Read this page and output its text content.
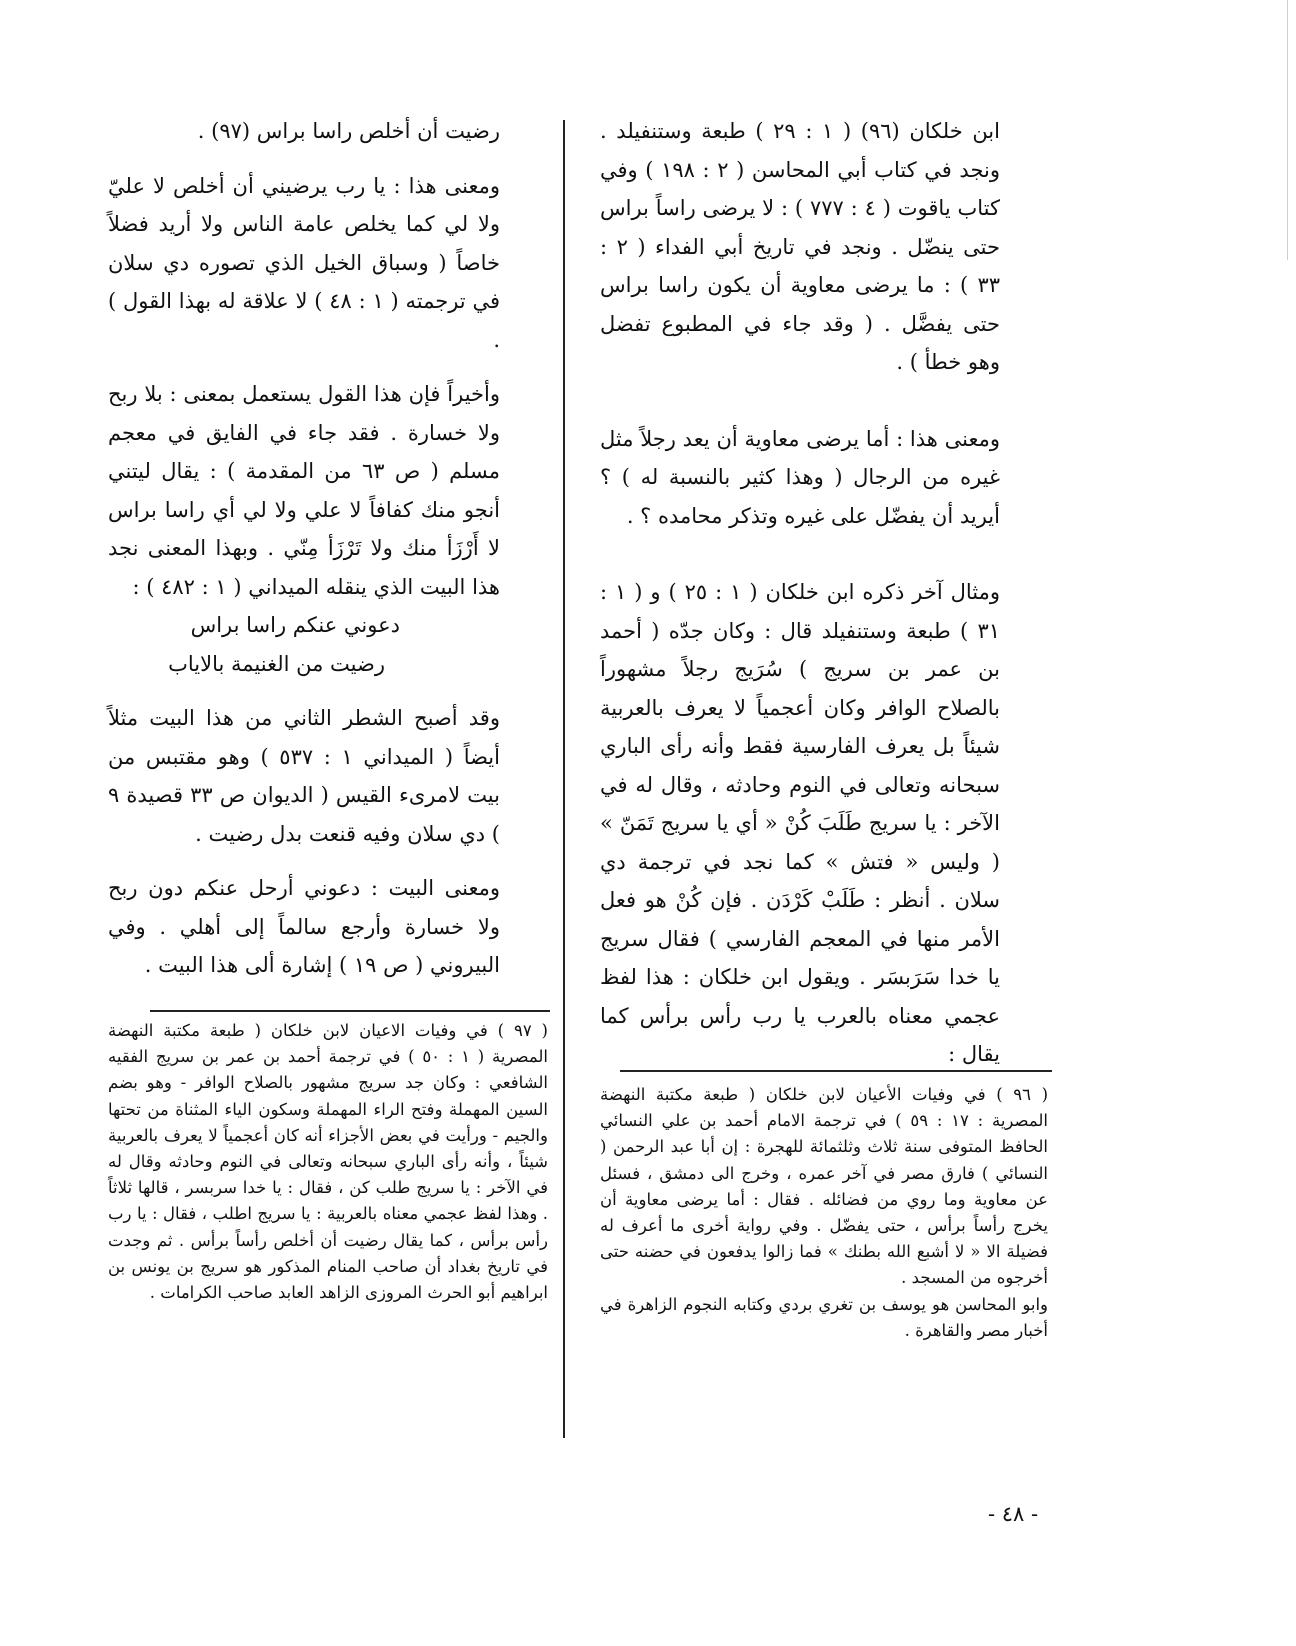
ابن خلكان (٩٦) ( ١ : ٢٩ ) طبعة وستنفيلد . ونجد في كتاب أبي المحاسن ( ٢ : ١٩٨ ) وفي كتاب ياقوت ( ٤ : ٧٧٧ ) : لا يرضى راساً براس حتى ينضّل . ونجد في تاريخ أبي الفداء ( ٢ : ٣٣ ) : ما يرضى معاوية أن يكون راسا براس حتى يفضَّل . ( وقد جاء في المطبوع تفضل وهو خطأ ) .

ومعنى هذا : أما يرضى معاوية أن يعد رجلاً مثل غيره من الرجال ( وهذا كثير بالنسبة له ) ؟ أيريد أن يفضّل على غيره وتذكر محامده ؟ .

ومثال آخر ذكره ابن خلكان ( ١ : ٢٥ ) و ( ١ : ٣١ ) طبعة وستنفيلد قال : وكان جدّه ( أحمد بن عمر بن سريج ) سُرَيج رجلاً مشهوراً بالصلاح الوافر وكان أعجمياً لا يعرف بالعربية شيئاً بل يعرف الفارسية فقط وأنه رأى الباري سبحانه وتعالى في النوم وحادثه ، وقال له في الآخر : يا سريج طَلَبَ كُنْ « أي يا سريج تَمَنّ » ( وليس « فتش » كما نجد في ترجمة دي سلان . أنظر : طَلَبْ كَرْدَن . فإن كُنْ هو فعل الأمر منها في المعجم الفارسي ) فقال سريج يا خدا سَرَبسَر . ويقول ابن خلكان : هذا لفظ عجمي معناه بالعرب يا رب رأس برأس كما يقال :

رضيت أن أخلص راسا براس (٩٧) .

ومعنى هذا : يا رب يرضيني أن أخلص لا عليّ ولا لي كما يخلص عامة الناس ولا أريد فضلاً خاصاً ( وسباق الخيل الذي تصوره دي سلان في ترجمته ( ١ : ٤٨ ) لا علاقة له بهذا القول ) .

وأخيراً فإن هذا القول يستعمل بمعنى : بلا ربح ولا خسارة . فقد جاء في الفايق في معجم مسلم ( ص ٦٣ من المقدمة ) : يقال ليتني أنجو منك كفافاً لا علي ولا لي أي راسا براس لا أَرْزَأ منك ولا تَرْزَأ مِنّي . وبهذا المعنى نجد هذا البيت الذي ينقله الميداني ( ١ : ٤٨٢ ) :

دعوني عنكم راسا براس

رضيت من الغنيمة بالاياب

وقد أصبح الشطر الثاني من هذا البيت مثلاً أيضاً ( الميداني ١ : ٥٣٧ ) وهو مقتبس من بيت لامرىء القيس ( الديوان ص ٣٣ قصيدة ٩ ) دي سلان وفيه قنعت بدل رضيت .

ومعنى البيت : دعوني أرحل عنكم دون ربح ولا خسارة وأرجع سالماً إلى أهلي . وفي البيروني ( ص ١٩ ) إشارة ألى هذا البيت .

( ٩٦ ) في وفيات الأعيان لابن خلكان ( طبعة مكتبة النهضة المصرية : ١٧ : ٥٩ ) في ترجمة الامام أحمد بن علي النسائي الحافظ المتوفى سنة ثلاث وثلثمائة للهجرة : إن أبا عبد الرحمن ( النسائي ) فارق مصر في آخر عمره ، وخرج الى دمشق ، فسئل عن معاوية وما روي من فضائله . فقال : أما يرضى معاوية أن يخرج رأساً برأس ، حتى يفضّل . وفي رواية أخرى ما أعرف له فضيلة الا « لا أشبع الله بطنك » فما زالوا يدفعون في حضنه حتى أخرجوه من المسجد .

وابو المحاسن هو يوسف بن تغري بردي وكتابه النجوم الزاهرة في أخبار مصر والقاهرة .

( ٩٧ ) في وفيات الاعيان لابن خلكان ( طبعة مكتبة النهضة المصرية ( ١ : ٥٠ ) في ترجمة أحمد بن عمر بن سريج الفقيه الشافعي : وكان جد سريج مشهور بالصلاح الوافر - وهو بضم السين المهملة وفتح الراء المهملة وسكون الياء المثناة من تحتها والجيم - ورأيت في بعض الأجزاء أنه كان أعجمياً لا يعرف بالعربية شيئاً ، وأنه رأى الباري سبحانه وتعالى في النوم وحادثه وقال له في الآخر : يا سريج طلب كن ، فقال : يا خدا سربسر ، قالها ثلاثاً . وهذا لفظ عجمي معناه بالعربية : يا سريج اطلب ، فقال : يا رب رأس برأس ، كما يقال رضيت أن أخلص رأساً برأس . ثم وجدت في تاريخ بغداد أن صاحب المنام المذكور هو سريج بن يونس بن ابراهيم أبو الحرث المروزى الزاهد العابد صاحب الكرامات .

- ٤٨ -
